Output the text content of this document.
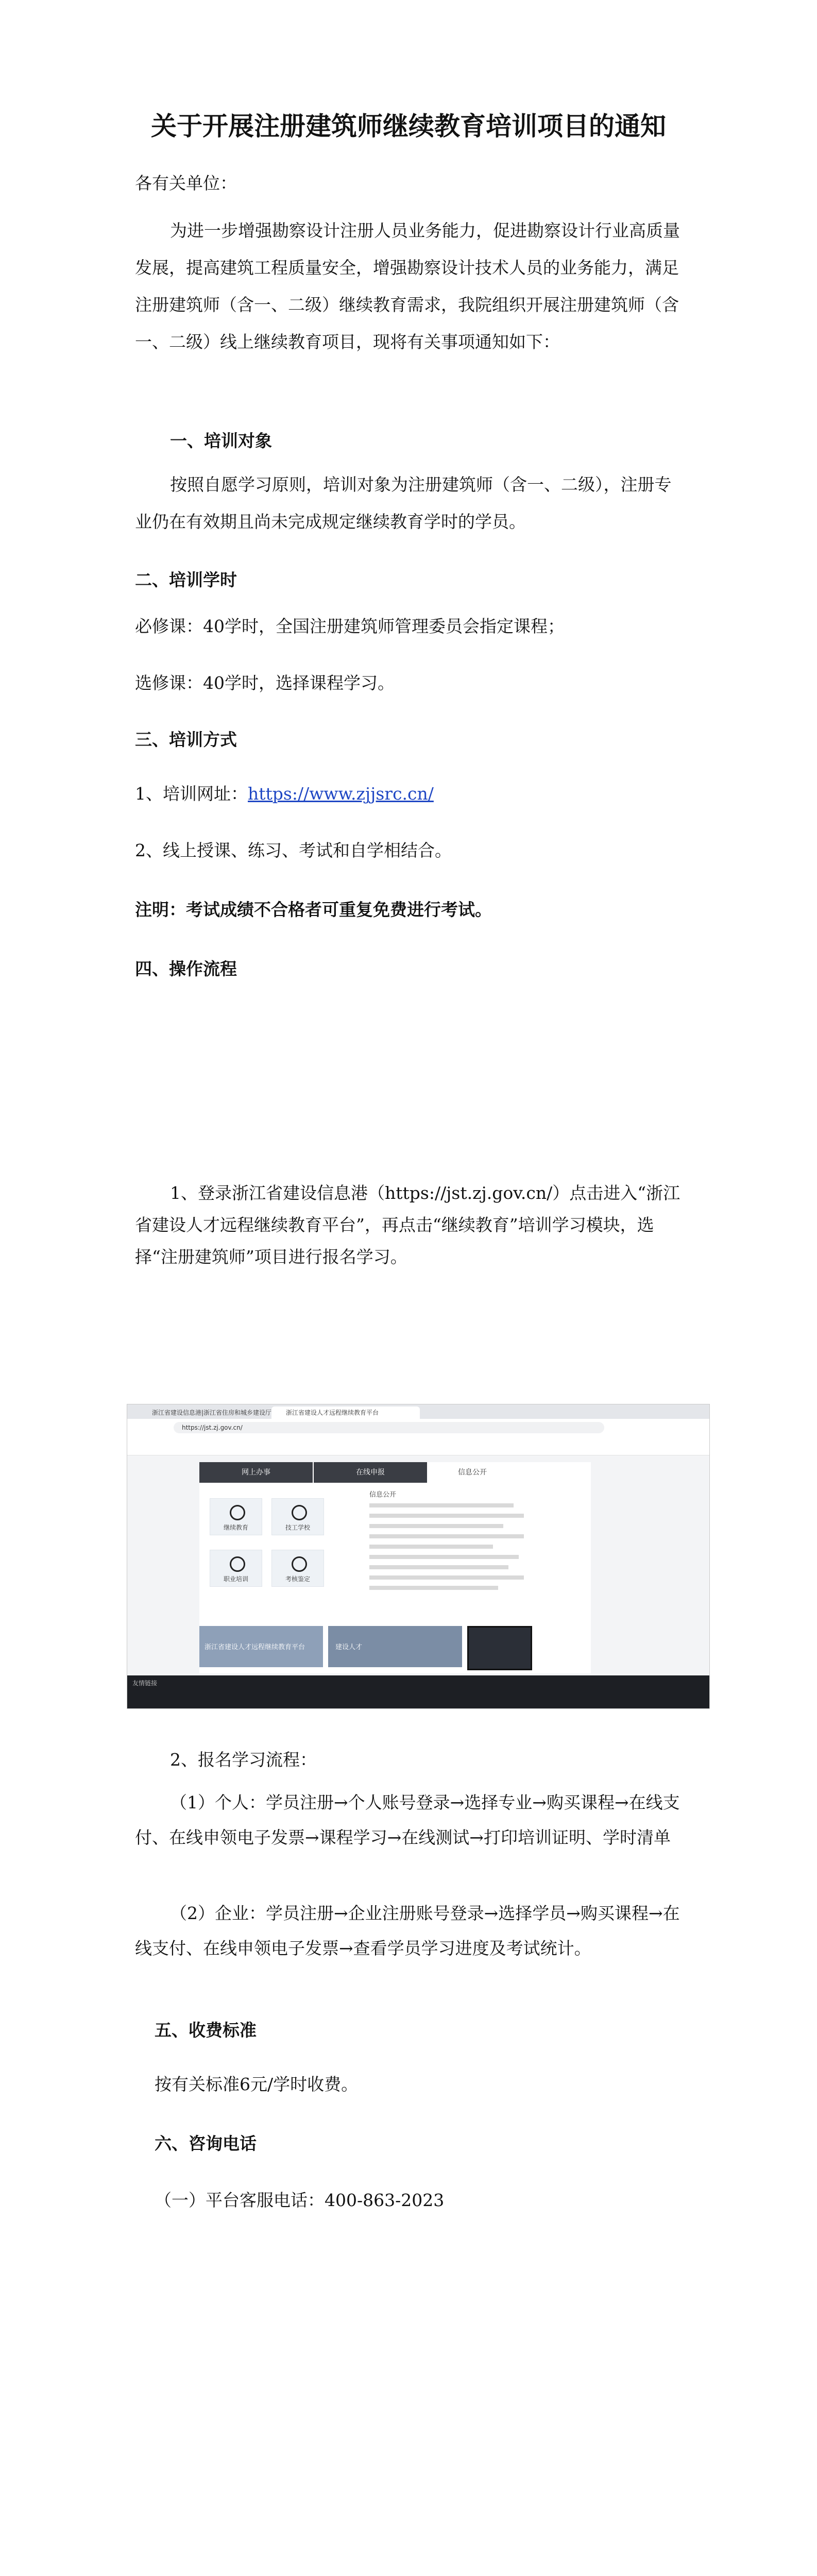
关于开展注册建筑师继续教育培训项目的通知
各有关单位：
为进一步增强勘察设计注册人员业务能力，促进勘察设计行业高质量发展，提高建筑工程质量安全，增强勘察设计技术人员的业务能力，满足注册建筑师（含一、二级）继续教育需求，我院组织开展注册建筑师（含一、二级）线上继续教育项目，现将有关事项通知如下：
一、培训对象
按照自愿学习原则，培训对象为注册建筑师（含一、二级），注册专业仍在有效期且尚未完成规定继续教育学时的学员。
二、培训学时
必修课：40学时，全国注册建筑师管理委员会指定课程；
选修课：40学时，选择课程学习。
三、培训方式
1、培训网址：https://www.zjjsrc.cn/
2、线上授课、练习、考试和自学相结合。
注明：考试成绩不合格者可重复免费进行考试。
四、操作流程
1、登录浙江省建设信息港（https://jst.zj.gov.cn/）点击进入“浙江省建设人才远程继续教育平台”，再点击“继续教育”培训学习模块，选择“注册建筑师”项目进行报名学习。
浙江省建设信息港|浙江省住房和城乡建设厅	浙江省建设人才远程继续教育平台
https://jst.zj.gov.cn/
网上办事	在线申报	信息公开
继续教育	技工学校
职业培训	考核鉴定
信息公开
浙江省建设人才远程继续教育平台	建设人才
友情链接
2、报名学习流程：
（1）个人：学员注册→个人账号登录→选择专业→购买课程→在线支付、在线申领电子发票→课程学习→在线测试→打印培训证明、学时清单
（2）企业：学员注册→企业注册账号登录→选择学员→购买课程→在线支付、在线申领电子发票→查看学员学习进度及考试统计。
五、收费标准
按有关标准6元/学时收费。
六、咨询电话
（一）平台客服电话：400-863-2023
